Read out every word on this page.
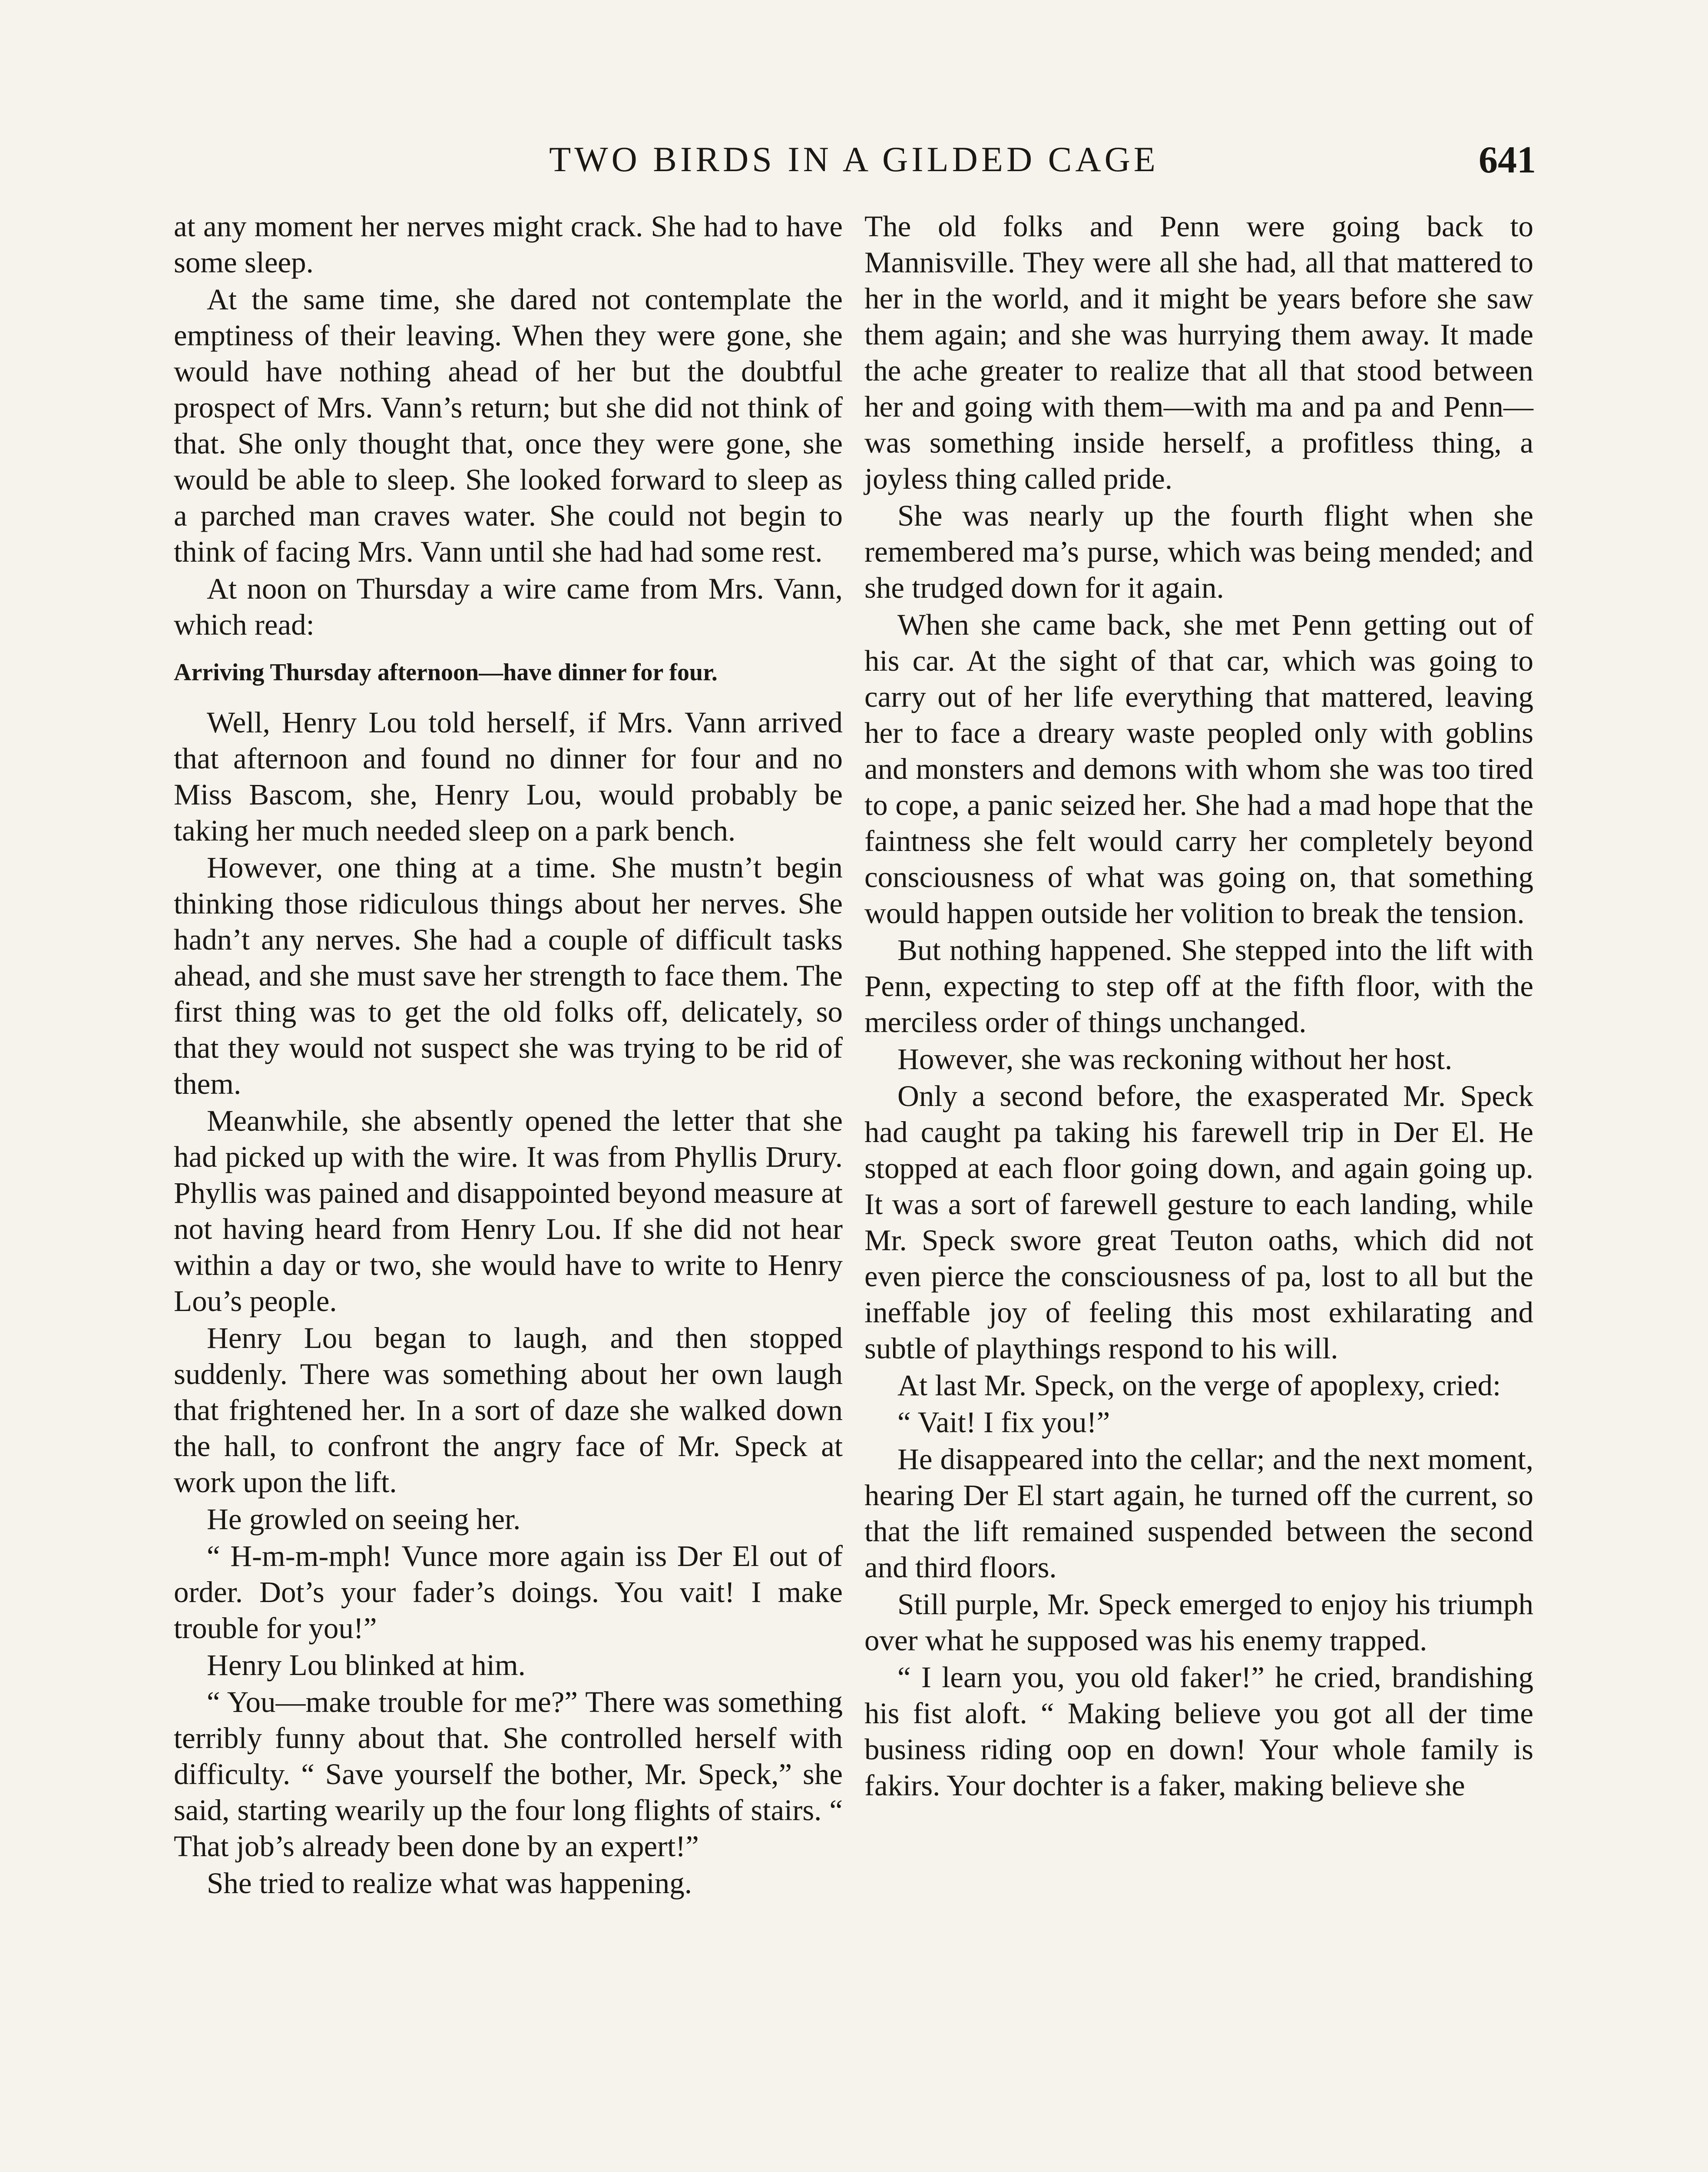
TWO BIRDS IN A GILDED CAGE	641

at any moment her nerves might crack. She had to have some sleep.

At the same time, she dared not contemplate the emptiness of their leaving. When they were gone, she would have nothing ahead of her but the doubtful prospect of Mrs. Vann’s return; but she did not think of that. She only thought that, once they were gone, she would be able to sleep. She looked forward to sleep as a parched man craves water. She could not begin to think of facing Mrs. Vann until she had had some rest.

At noon on Thursday a wire came from Mrs. Vann, which read:

Arriving Thursday afternoon—have dinner for four.

Well, Henry Lou told herself, if Mrs. Vann arrived that afternoon and found no dinner for four and no Miss Bascom, she, Henry Lou, would probably be taking her much needed sleep on a park bench.

However, one thing at a time. She mustn’t begin thinking those ridiculous things about her nerves. She hadn’t any nerves. She had a couple of difficult tasks ahead, and she must save her strength to face them. The first thing was to get the old folks off, delicately, so that they would not suspect she was trying to be rid of them.

Meanwhile, she absently opened the letter that she had picked up with the wire. It was from Phyllis Drury. Phyllis was pained and disappointed beyond measure at not having heard from Henry Lou. If she did not hear within a day or two, she would have to write to Henry Lou’s people.

Henry Lou began to laugh, and then stopped suddenly. There was something about her own laugh that frightened her. In a sort of daze she walked down the hall, to confront the angry face of Mr. Speck at work upon the lift.

He growled on seeing her.

“ H-m-m-mph! Vunce more again iss Der El out of order. Dot’s your fader’s doings. You vait! I make trouble for you!”

Henry Lou blinked at him.

“ You—make trouble for me?” There was something terribly funny about that. She controlled herself with difficulty. “ Save yourself the bother, Mr. Speck,” she said, starting wearily up the four long flights of stairs. “ That job’s already been done by an expert!”

She tried to realize what was happening.

The old folks and Penn were going back to Mannisville. They were all she had, all that mattered to her in the world, and it might be years before she saw them again; and she was hurrying them away. It made the ache greater to realize that all that stood between her and going with them—with ma and pa and Penn—was something inside herself, a profitless thing, a joyless thing called pride.

She was nearly up the fourth flight when she remembered ma’s purse, which was being mended; and she trudged down for it again.

When she came back, she met Penn getting out of his car. At the sight of that car, which was going to carry out of her life everything that mattered, leaving her to face a dreary waste peopled only with goblins and monsters and demons with whom she was too tired to cope, a panic seized her. She had a mad hope that the faintness she felt would carry her completely beyond consciousness of what was going on, that something would happen outside her volition to break the tension.

But nothing happened. She stepped into the lift with Penn, expecting to step off at the fifth floor, with the merciless order of things unchanged.

However, she was reckoning without her host.

Only a second before, the exasperated Mr. Speck had caught pa taking his farewell trip in Der El. He stopped at each floor going down, and again going up. It was a sort of farewell gesture to each landing, while Mr. Speck swore great Teuton oaths, which did not even pierce the consciousness of pa, lost to all but the ineffable joy of feeling this most exhilarating and subtle of playthings respond to his will.

At last Mr. Speck, on the verge of apoplexy, cried:

“ Vait! I fix you!”

He disappeared into the cellar; and the next moment, hearing Der El start again, he turned off the current, so that the lift remained suspended between the second and third floors.

Still purple, Mr. Speck emerged to enjoy his triumph over what he supposed was his enemy trapped.

“ I learn you, you old faker!” he cried, brandishing his fist aloft. “ Making believe you got all der time business riding oop en down! Your whole family is fakirs. Your dochter is a faker, making believe she
